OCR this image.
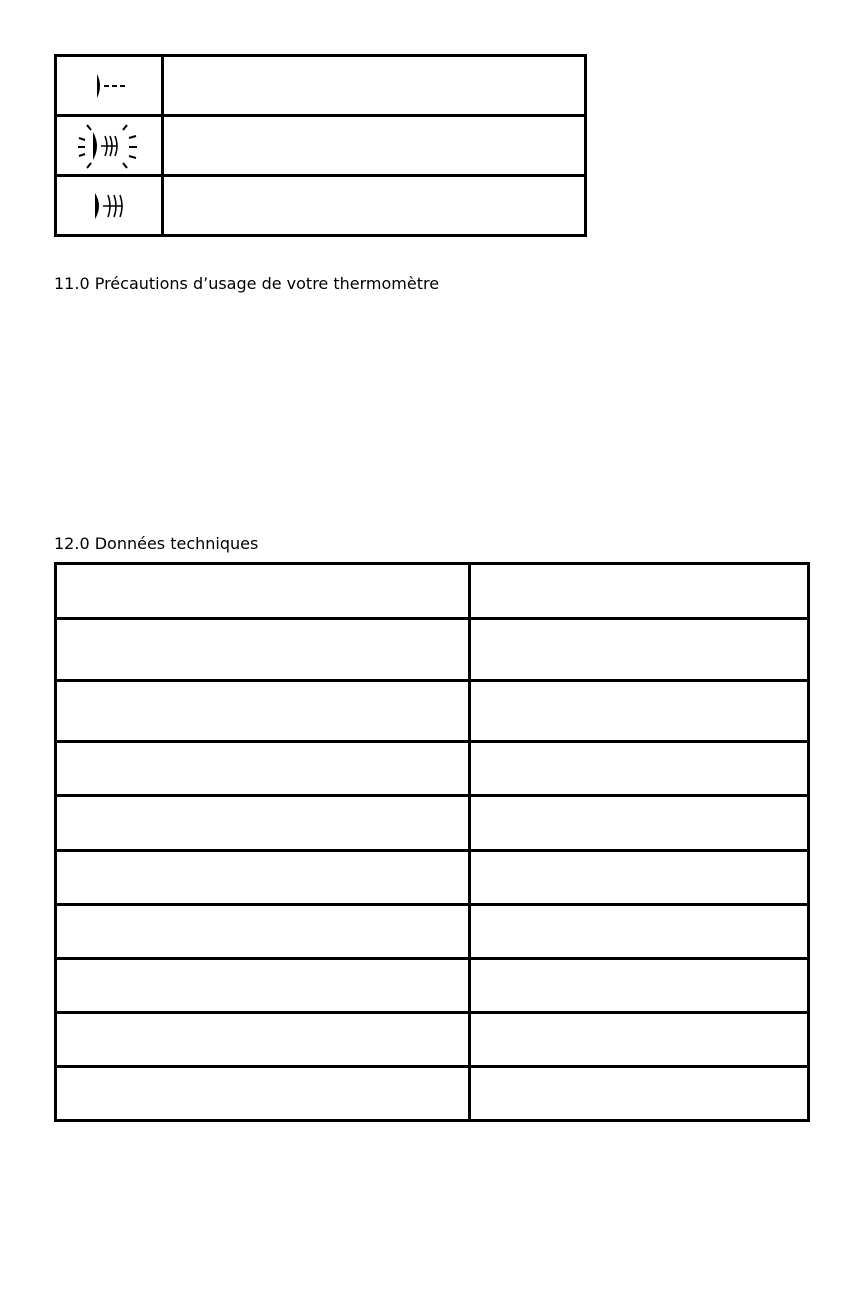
11.0 Précautions d’usage de votre thermomètre
12.0 Données techniques
